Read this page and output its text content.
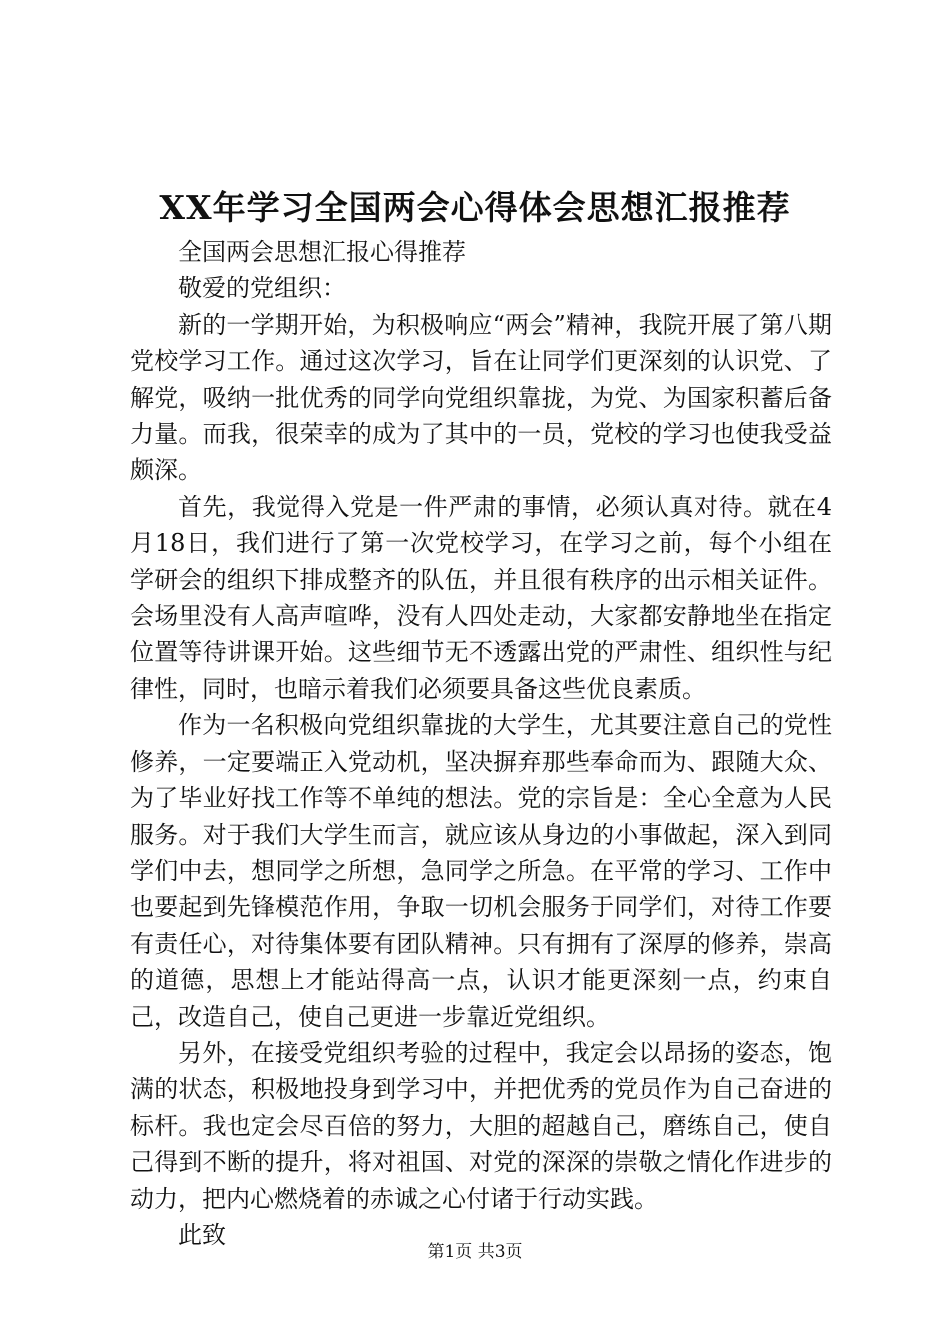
XX年学习全国两会心得体会思想汇报推荐

全国两会思想汇报心得推荐

敬爱的党组织：

新的一学期开始，为积极响应“两会”精神，我院开展了第八期党校学习工作。通过这次学习，旨在让同学们更深刻的认识党、了解党，吸纳一批优秀的同学向党组织靠拢，为党、为国家积蓄后备力量。而我，很荣幸的成为了其中的一员，党校的学习也使我受益颇深。

首先，我觉得入党是一件严肃的事情，必须认真对待。就在4月18日，我们进行了第一次党校学习，在学习之前，每个小组在学研会的组织下排成整齐的队伍，并且很有秩序的出示相关证件。会场里没有人高声喧哗，没有人四处走动，大家都安静地坐在指定位置等待讲课开始。这些细节无不透露出党的严肃性、组织性与纪律性，同时，也暗示着我们必须要具备这些优良素质。

作为一名积极向党组织靠拢的大学生，尤其要注意自己的党性修养，一定要端正入党动机，坚决摒弃那些奉命而为、跟随大众、为了毕业好找工作等不单纯的想法。党的宗旨是：全心全意为人民服务。对于我们大学生而言，就应该从身边的小事做起，深入到同学们中去，想同学之所想，急同学之所急。在平常的学习、工作中也要起到先锋模范作用，争取一切机会服务于同学们，对待工作要有责任心，对待集体要有团队精神。只有拥有了深厚的修养，崇高的道德，思想上才能站得高一点，认识才能更深刻一点，约束自己，改造自己，使自己更进一步靠近党组织。

另外，在接受党组织考验的过程中，我定会以昂扬的姿态，饱满的状态，积极地投身到学习中，并把优秀的党员作为自己奋进的标杆。我也定会尽百倍的努力，大胆的超越自己，磨练自己，使自己得到不断的提升，将对祖国、对党的深深的崇敬之情化作进步的动力，把内心燃烧着的赤诚之心付诸于行动实践。

此致

第1页 共3页
